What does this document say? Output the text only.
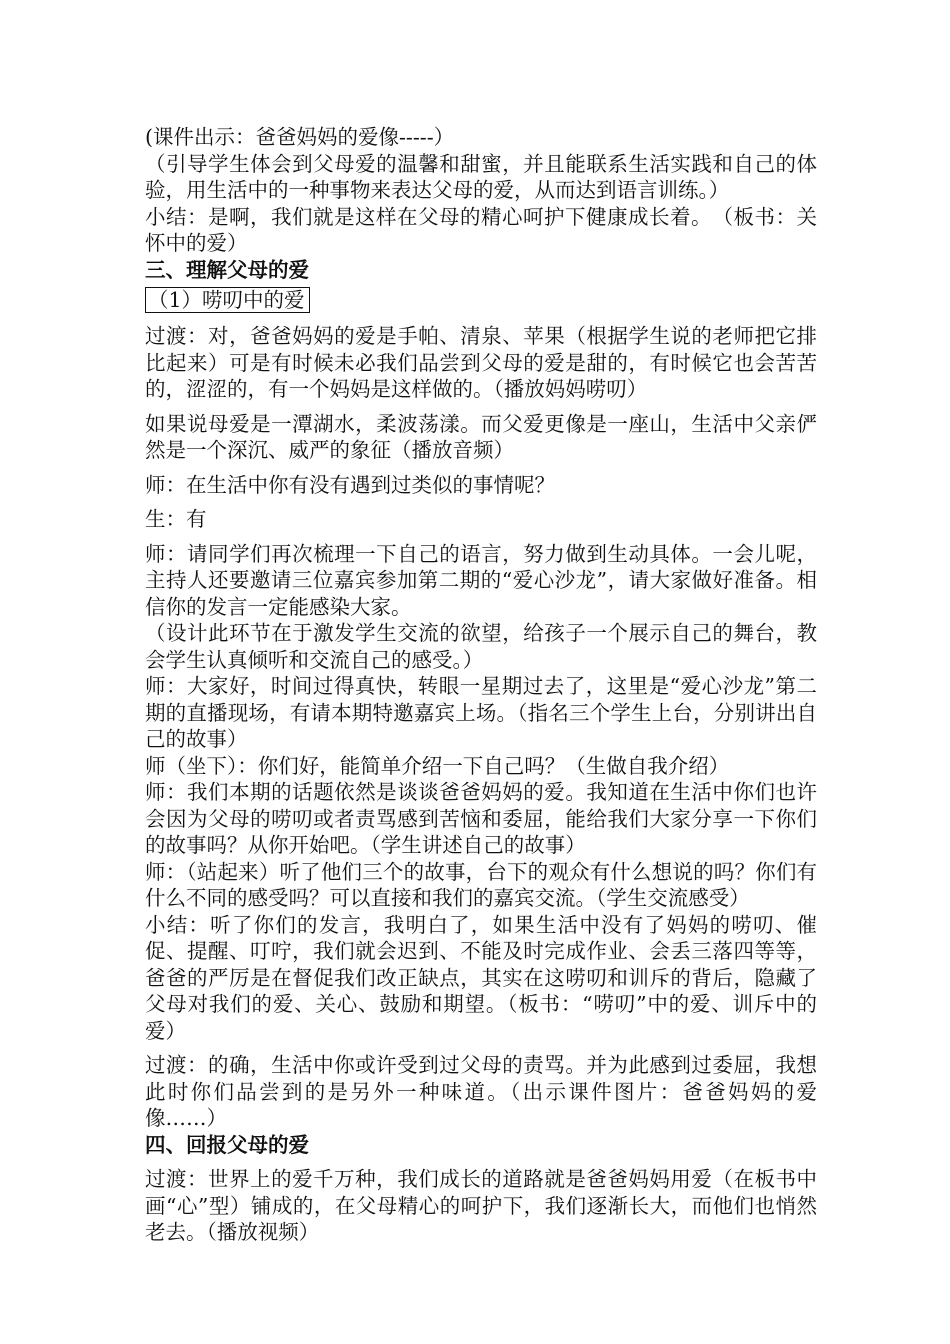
(课件出示：爸爸妈妈的爱像-----）

（引导学生体会到父母爱的温馨和甜蜜，并且能联系生活实践和自己的体验，用生活中的一种事物来表达父母的爱，从而达到语言训练。）

小结：是啊，我们就是这样在父母的精心呵护下健康成长着。　（板书：关怀中的爱）

三、理解父母的爱

（1）唠叨中的爱

过渡：对，爸爸妈妈的爱是手帕、清泉、苹果（根据学生说的老师把它排比起来）可是有时候未必我们品尝到父母的爱是甜的，有时候它也会苦苦的，涩涩的，有一个妈妈是这样做的。（播放妈妈唠叨）

如果说母爱是一潭湖水，柔波荡漾。而父爱更像是一座山，生活中父亲俨然是一个深沉、威严的象征（播放音频）

师：在生活中你有没有遇到过类似的事情呢？

生：有

师：请同学们再次梳理一下自己的语言，努力做到生动具体。一会儿呢，主持人还要邀请三位嘉宾参加第二期的“爱心沙龙”，请大家做好准备。相信你的发言一定能感染大家。

（设计此环节在于激发学生交流的欲望，给孩子一个展示自己的舞台，教会学生认真倾听和交流自己的感受。）

师：大家好，时间过得真快，转眼一星期过去了，这里是“爱心沙龙”第二期的直播现场，有请本期特邀嘉宾上场。（指名三个学生上台，分别讲出自己的故事）

师（坐下）：你们好，能简单介绍一下自己吗？（生做自我介绍）

师：我们本期的话题依然是谈谈爸爸妈妈的爱。我知道在生活中你们也许会因为父母的唠叨或者责骂感到苦恼和委屈，能给我们大家分享一下你们的故事吗？从你开始吧。（学生讲述自己的故事）

师：（站起来）听了他们三个的故事，台下的观众有什么想说的吗？你们有什么不同的感受吗？可以直接和我们的嘉宾交流。（学生交流感受）

小结：听了你们的发言，我明白了，如果生活中没有了妈妈的唠叨、催促、提醒、叮咛，我们就会迟到、不能及时完成作业、会丢三落四等等，爸爸的严厉是在督促我们改正缺点，其实在这唠叨和训斥的背后，隐藏了父母对我们的爱、关心、鼓励和期望。（板书：“唠叨”中的爱、训斥中的爱）

过渡：的确，生活中你或许受到过父母的责骂。并为此感到过委屈，我想此时你们品尝到的是另外一种味道。（出示课件图片：爸爸妈妈的爱像……）

四、回报父母的爱

过渡：世界上的爱千万种，我们成长的道路就是爸爸妈妈用爱（在板书中画“心”型）铺成的，在父母精心的呵护下，我们逐渐长大，而他们也悄然老去。（播放视频）
